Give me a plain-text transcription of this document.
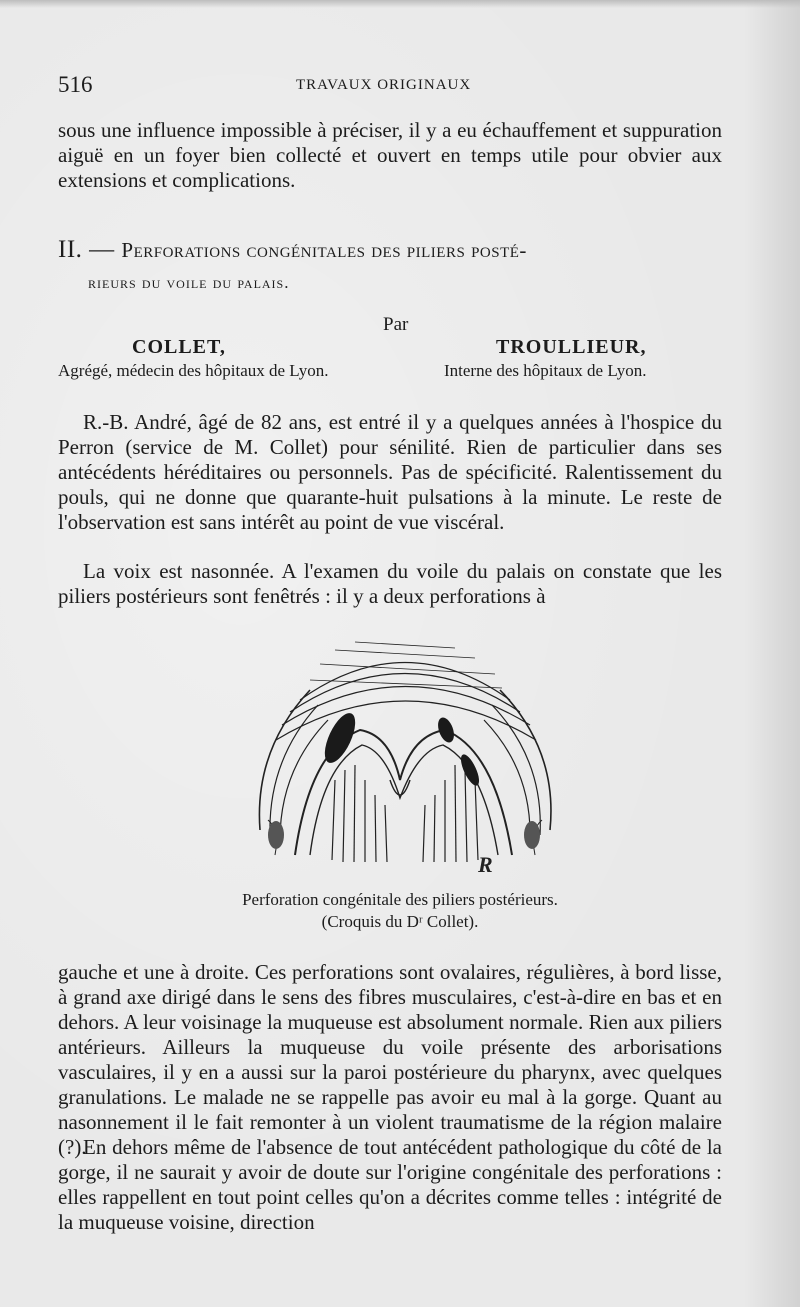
516	TRAVAUX ORIGINAUX

sous une influence impossible à préciser, il y a eu échauffement et suppuration aiguë en un foyer bien collecté et ouvert en temps utile pour obvier aux extensions et complications.

II. — Perforations congénitales des piliers posté-
rieurs du voile du palais.
Par
COLLET,
Agrégé, médecin des hôpitaux de Lyon.
TROULLIEUR,
Interne des hôpitaux de Lyon.

R.-B. André, âgé de 82 ans, est entré il y a quelques années à l'hospice du Perron (service de M. Collet) pour sénilité. Rien de particulier dans ses antécédents héréditaires ou personnels. Pas de spécificité. Ralentissement du pouls, qui ne donne que quarante-huit pulsations à la minute. Le reste de l'observation est sans intérêt au point de vue viscéral.

La voix est nasonnée. A l'examen du voile du palais on constate que les piliers postérieurs sont fenêtrés : il y a deux perforations à

R
Perforation congénitale des piliers postérieurs.
(Croquis du Dʳ Collet).

gauche et une à droite. Ces perforations sont ovalaires, régulières, à bord lisse, à grand axe dirigé dans le sens des fibres musculaires, c'est-à-dire en bas et en dehors. A leur voisinage la muqueuse est absolument normale. Rien aux piliers antérieurs. Ailleurs la muqueuse du voile présente des arborisations vasculaires, il y en a aussi sur la paroi postérieure du pharynx, avec quelques granulations. Le malade ne se rappelle pas avoir eu mal à la gorge. Quant au nasonnement il le fait remonter à un violent traumatisme de la région malaire (?).

En dehors même de l'absence de tout antécédent pathologique du côté de la gorge, il ne saurait y avoir de doute sur l'origine congénitale des perforations : elles rappellent en tout point celles qu'on a décrites comme telles : intégrité de la muqueuse voisine, direction
